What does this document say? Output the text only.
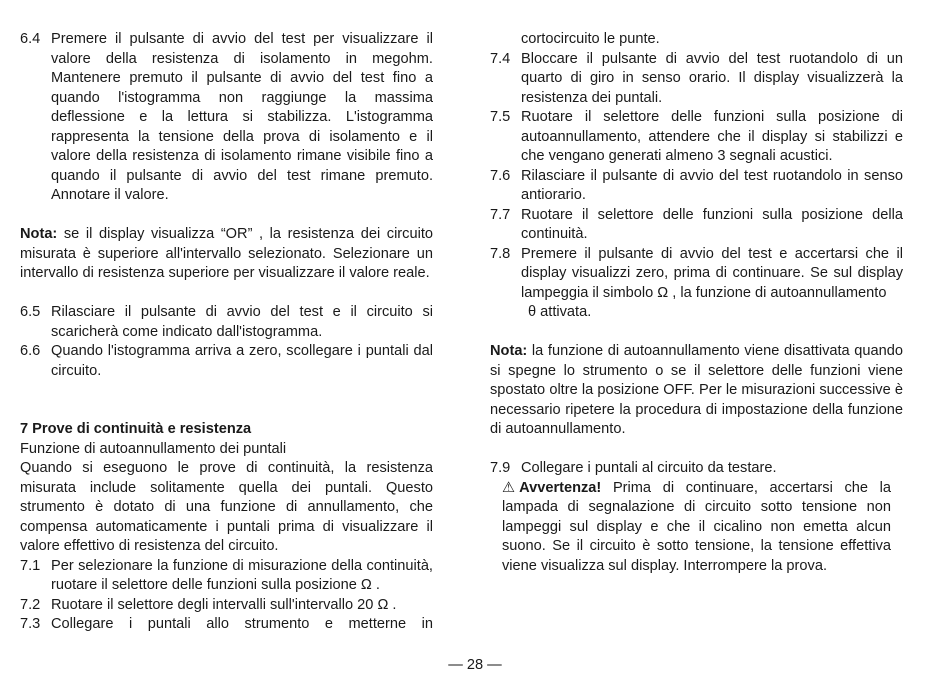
6.4 Premere il pulsante di avvio del test per visualizzare il valore della resistenza di isolamento in megohm. Mantenere premuto il pulsante di avvio del test fino a quando l'istogramma non raggiunge la massima deflessione e la lettura si stabilizza. L'istogramma rappresenta la tensione della prova di isolamento e il valore della resistenza di isolamento rimane visibile fino a quando il pulsante di avvio del test rimane premuto. Annotare il valore.

Nota: se il display visualizza “OR” , la resistenza dei circuito misurata è superiore all'intervallo selezionato. Selezionare un intervallo di resistenza superiore per visualizzare il valore reale.

6.5 Rilasciare il pulsante di avvio del test e il circuito si scaricherà come indicato dall'istogramma.
6.6 Quando l'istogramma arriva a zero, scollegare i puntali dal circuito.

7 Prove di continuità e resistenza

Funzione di autoannullamento dei puntali

Quando si eseguono le prove di continuità, la resistenza misurata include solitamente quella dei puntali. Questo strumento è dotato di una funzione di annullamento, che compensa automaticamente i puntali prima di visualizzare il valore effettivo di resistenza del circuito.

7.1 Per selezionare la funzione di misurazione della continuità, ruotare il selettore delle funzioni sulla posizione Ω .
7.2 Ruotare il selettore degli intervalli sull'intervallo 20 Ω .
7.3 Collegare i puntali allo strumento e metterne in

cortocircuito le punte.

7.4 Bloccare il pulsante di avvio del test ruotandolo di un quarto di giro in senso orario. Il display visualizzerà la resistenza dei puntali.
7.5 Ruotare il selettore delle funzioni sulla posizione di autoannullamento, attendere che il display si stabilizzi e che vengano generati almeno 3 segnali acustici.
7.6 Rilasciare il pulsante di avvio del test ruotandolo in senso antiorario.
7.7 Ruotare il selettore delle funzioni sulla posizione della continuità.
7.8 Premere il pulsante di avvio del test e accertarsi che il display visualizzi zero, prima di continuare. Se sul display lampeggia il simbolo Ω , la funzione di autoannullamento
θ attivata.

Nota: la funzione di autoannullamento viene disattivata quando si spegne lo strumento o se il selettore delle funzioni viene spostato oltre la posizione OFF. Per le misurazioni successive è necessario ripetere la procedura di impostazione della funzione di autoannullamento.

7.9 Collegare i puntali al circuito da testare.

⚠ Avvertenza! Prima di continuare, accertarsi che la lampada di segnalazione di circuito sotto tensione non lampeggi sul display e che il cicalino non emetta alcun suono. Se il circuito è sotto tensione, la tensione effettiva viene visualizza sul display. Interrompere la prova.

— 28 —
